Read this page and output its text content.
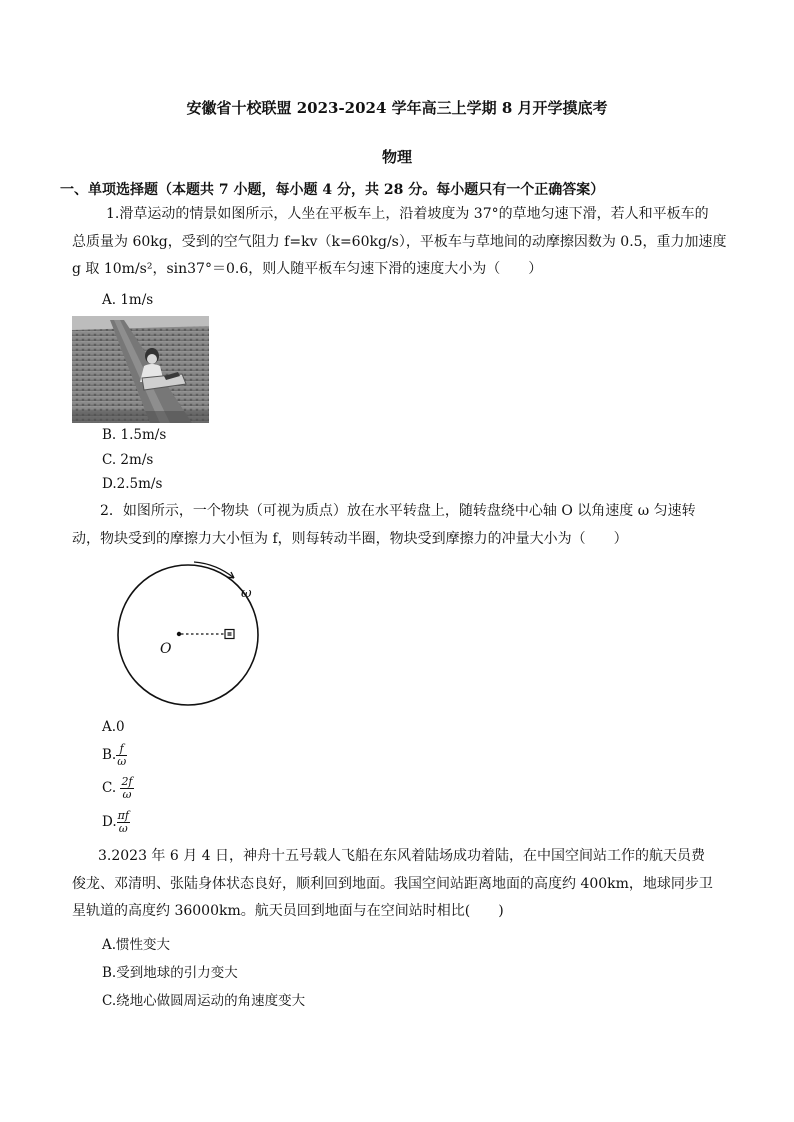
安徽省十校联盟 2023-2024 学年高三上学期 8 月开学摸底考
物理
一、单项选择题（本题共 7 小题，每小题 4 分，共 28 分。每小题只有一个正确答案）
1.滑草运动的情景如图所示，人坐在平板车上，沿着坡度为 37°的草地匀速下滑，若人和平板车的
总质量为 60kg，受到的空气阻力 f=kv（k=60kg/s），平板车与草地间的动摩擦因数为 0.5，重力加速度
g 取 10m/s²，sin37°＝0.6，则人随平板车匀速下滑的速度大小为（　　）
A. 1m/s
B. 1.5m/s
C. 2m/s
D.2.5m/s
2．如图所示，一个物块（可视为质点）放在水平转盘上，随转盘绕中心轴 O 以角速度 ω 匀速转
动，物块受到的摩擦力大小恒为 f，则每转动半圈，物块受到摩擦力的冲量大小为（　　）
O
ω
A.0
B. $\frac{f}{\omega}$
C. $\frac{2f}{\omega}$
D. $\frac{\pi f}{\omega}$
3.2023 年 6 月 4 日，神舟十五号载人飞船在东风着陆场成功着陆，在中国空间站工作的航天员费
俊龙、邓清明、张陆身体状态良好，顺利回到地面。我国空间站距离地面的高度约 400km，地球同步卫
星轨道的高度约 36000km。航天员回到地面与在空间站时相比(　　)
A.惯性变大
B.受到地球的引力变大
C.绕地心做圆周运动的角速度变大
